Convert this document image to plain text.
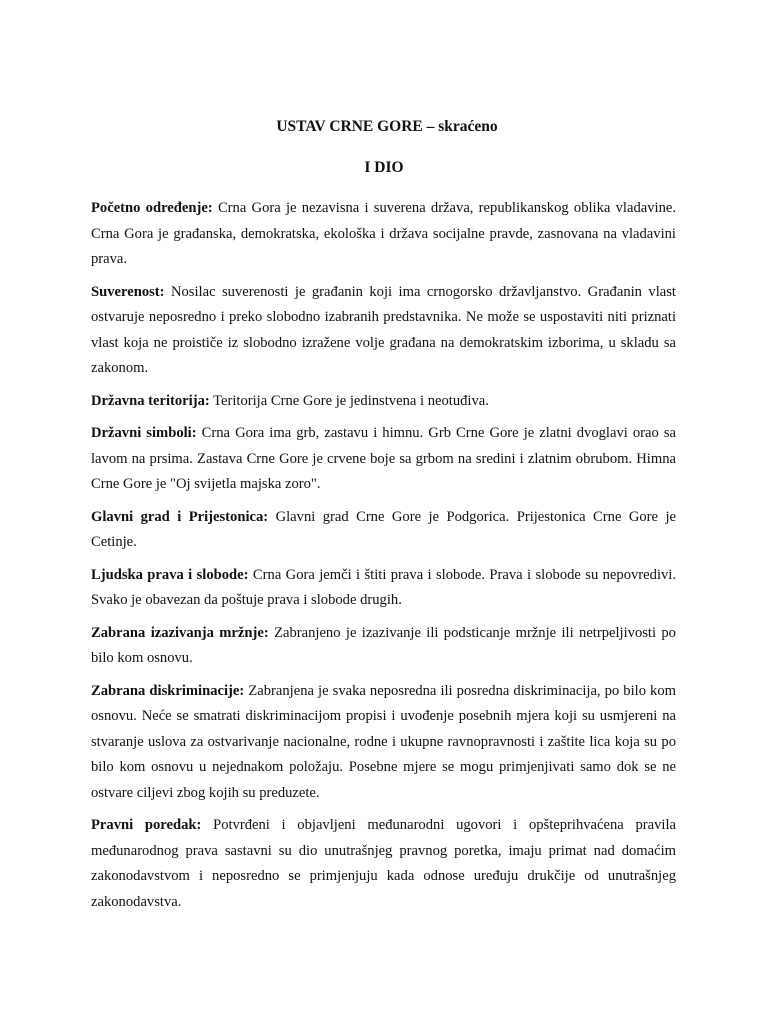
USTAV CRNE GORE – skraćeno
I DIO

Početno određenje: Crna Gora je nezavisna i suverena država, republikanskog oblika vladavine. Crna Gora je građanska, demokratska, ekološka i država socijalne pravde, zasnovana na vladavini prava.

Suverenost: Nosilac suverenosti je građanin koji ima crnogorsko državljanstvo. Građanin vlast ostvaruje neposredno i preko slobodno izabranih predstavnika. Ne može se uspostaviti niti priznati vlast koja ne proističe iz slobodno izražene volje građana na demokratskim izborima, u skladu sa zakonom.

Državna teritorija: Teritorija Crne Gore je jedinstvena i neotuđiva.

Državni simboli: Crna Gora ima grb, zastavu i himnu. Grb Crne Gore je zlatni dvoglavi orao sa lavom na prsima. Zastava Crne Gore je crvene boje sa grbom na sredini i zlatnim obrubom. Himna Crne Gore je "Oj svijetla majska zoro".

Glavni grad i Prijestonica: Glavni grad Crne Gore je Podgorica. Prijestonica Crne Gore je Cetinje.

Ljudska prava i slobode: Crna Gora jemči i štiti prava i slobode. Prava i slobode su nepovredivi. Svako je obavezan da poštuje prava i slobode drugih.

Zabrana izazivanja mržnje: Zabranjeno je izazivanje ili podsticanje mržnje ili netrpeljivosti po bilo kom osnovu.

Zabrana diskriminacije: Zabranjena je svaka neposredna ili posredna diskriminacija, po bilo kom osnovu. Neće se smatrati diskriminacijom propisi i uvođenje posebnih mjera koji su usmjereni na stvaranje uslova za ostvarivanje nacionalne, rodne i ukupne ravnopravnosti i zaštite lica koja su po bilo kom osnovu u nejednakom položaju. Posebne mjere se mogu primjenjivati samo dok se ne ostvare ciljevi zbog kojih su preduzete.

Pravni poredak: Potvrđeni i objavljeni međunarodni ugovori i opšteprihvaćena pravila međunarodnog prava sastavni su dio unutrašnjeg pravnog poretka, imaju primat nad domaćim zakonodavstvom i neposredno se primjenjuju kada odnose uređuju drukčije od unutrašnjeg zakonodavstva.
